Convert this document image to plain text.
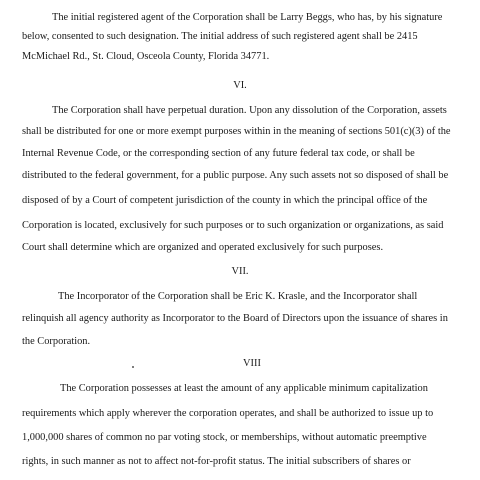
The initial registered agent of the Corporation shall be Larry Beggs, who has, by his signature
below, consented to such designation. The initial address of such registered agent shall be 2415
McMichael Rd., St. Cloud, Osceola County, Florida 34771.
VI.
The Corporation shall have perpetual duration. Upon any dissolution of the Corporation, assets
shall be distributed for one or more exempt purposes within in the meaning of sections 501(c)(3) of the
Internal Revenue Code, or the corresponding section of any future federal tax code, or shall be
distributed to the federal government, for a public purpose. Any such assets not so disposed of shall be
disposed of by a Court of competent jurisdiction of the county in which the principal office of the
Corporation is located, exclusively for such purposes or to such organization or organizations, as said
Court shall determine which are organized and operated exclusively for such purposes.
VII.
The Incorporator of the Corporation shall be Eric K. Krasle, and the Incorporator shall
relinquish all agency authority as Incorporator to the Board of Directors upon the issuance of shares in
the Corporation.
VIII
The Corporation possesses at least the amount of any applicable minimum capitalization
requirements which apply wherever the corporation operates, and shall be authorized to issue up to
1,000,000 shares of common no par voting stock, or memberships, without automatic preemptive
rights, in such manner as not to affect not-for-profit status. The initial subscribers of shares or
